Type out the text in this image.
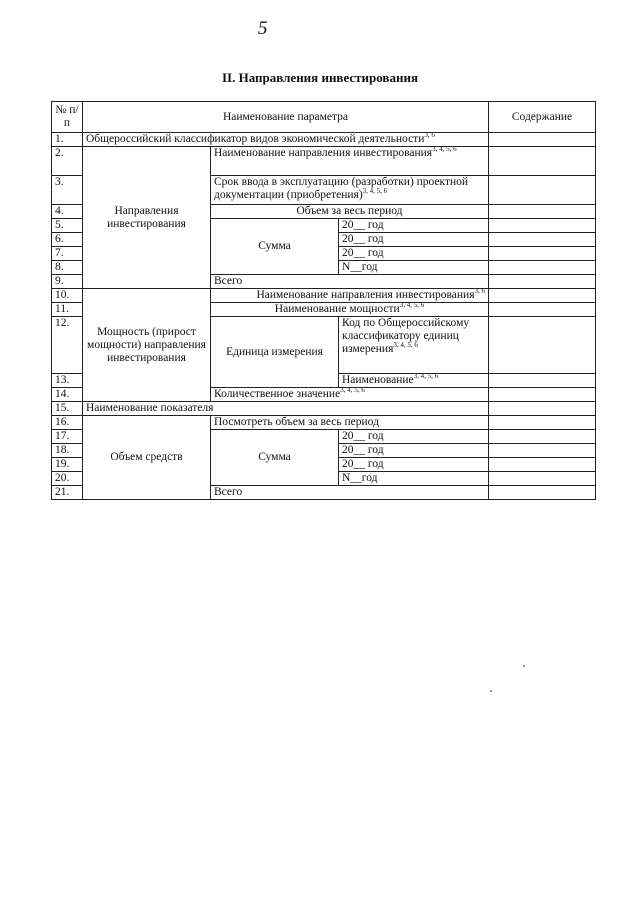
5
II. Направления инвестирования
№ п/п	Наименование параметра			Содержание
1.	Общероссийский классификатор видов экономической деятельности$^{3, 6}$	
2.	Направления инвестирования	Наименование направления инвестирования$^{3, 4, 5, 6}$	
3.		Срок ввода в эксплуатацию (разработки) проектной документации (приобретения)$^{3, 4, 5, 6}$	
4.		Объем за весь период		
5.		Сумма	20__ год	
6.			20__ год	
7.			20__ год	
8.			N__год	
9.		Всего		
10.	Мощность (прирост мощности) направления инвестирования	Наименование направления инвестирования$^{3, 6}$	
11.		Наименование мощности$^{3, 4, 5, 6}$	
12.		Единица измерения	Код по Общероссийскому классификатору единиц измерения$^{3, 4, 5, 6}$	
13.			Наименование$^{3, 4, 5, 6}$	
14.		Количественное значение$^{3, 4, 5, 6}$	
15.	Наименование показателя			
16.	Объем средств	Посмотреть объем за весь период		
17.		Сумма	20__ год	
18.			20__ год	
19.			20__ год	
20.			N__год	
21.		Всего		
